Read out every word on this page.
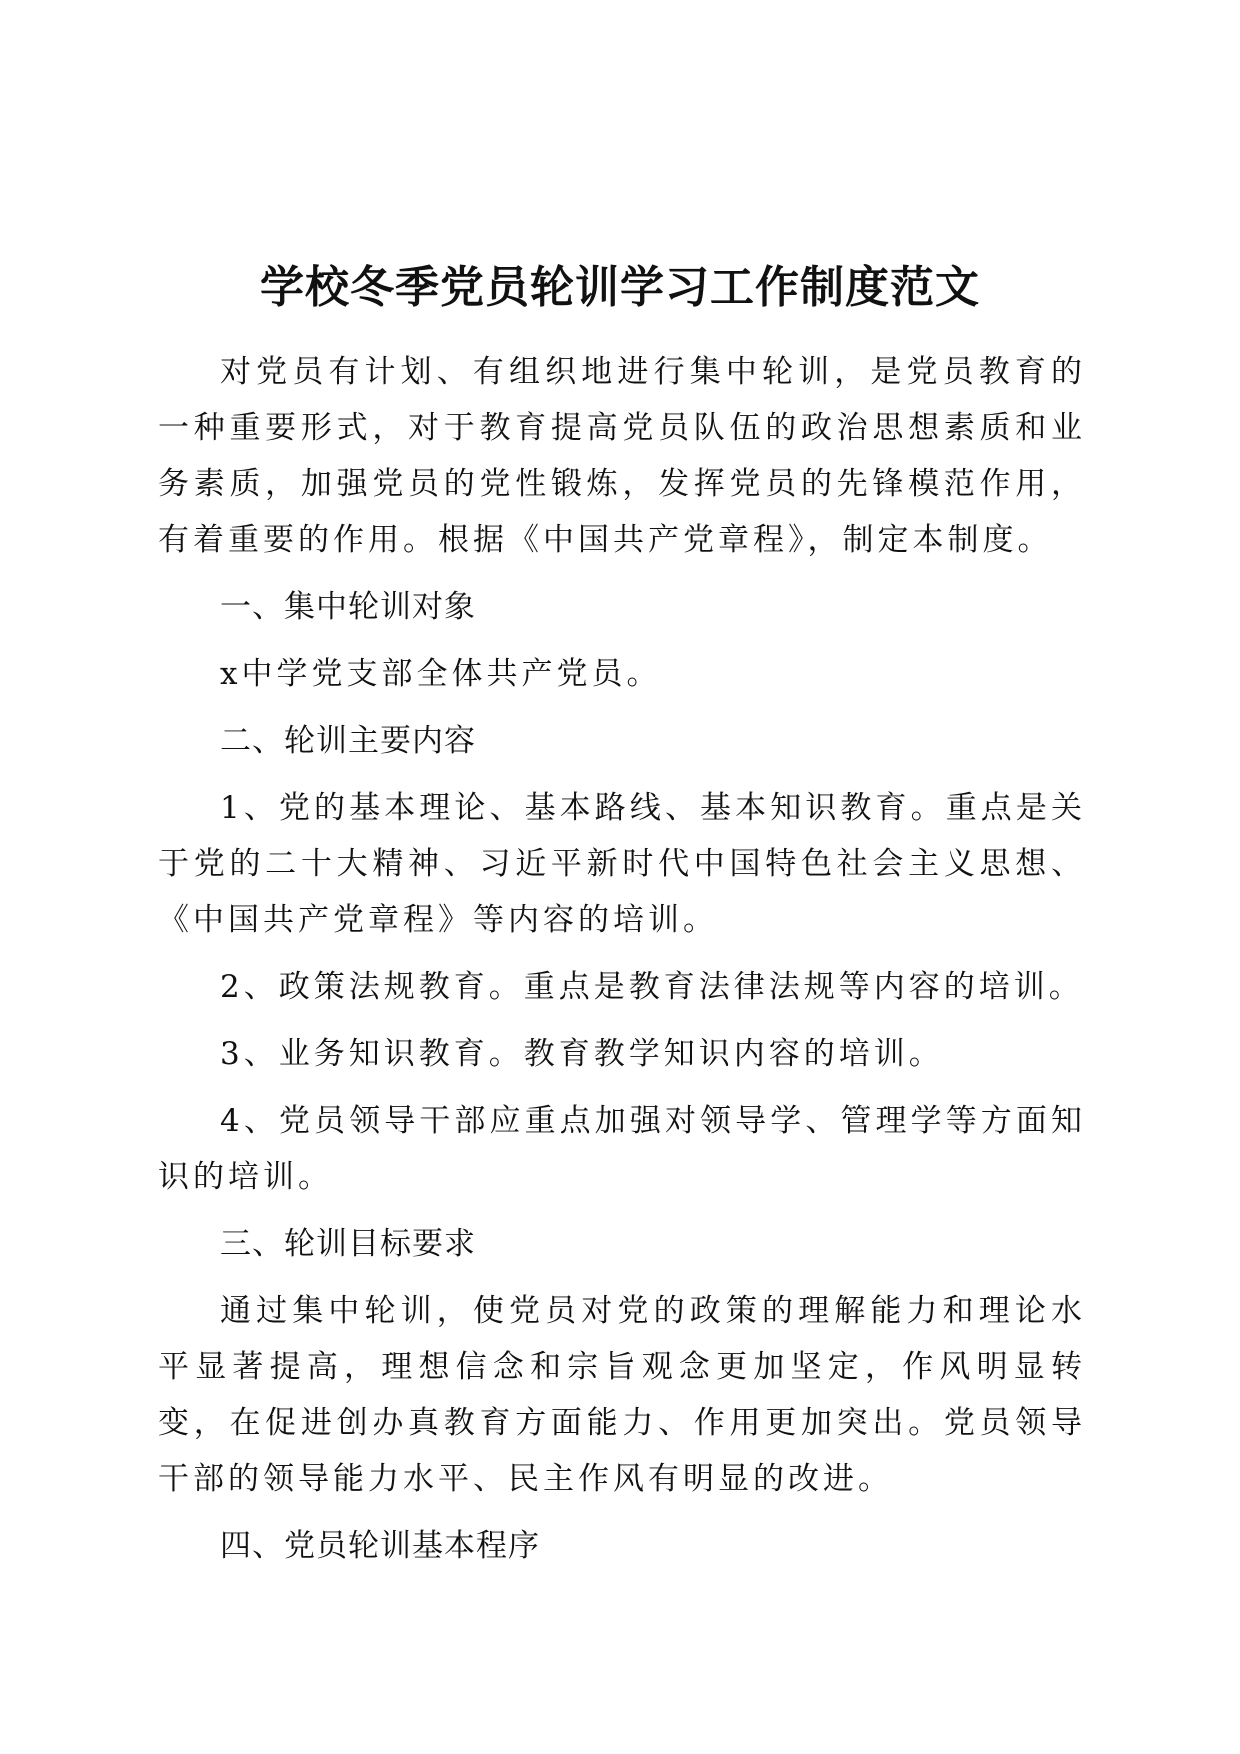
学校冬季党员轮训学习工作制度范文

对党员有计划、有组织地进行集中轮训，是党员教育的一种重要形式，对于教育提高党员队伍的政治思想素质和业务素质，加强党员的党性锻炼，发挥党员的先锋模范作用，有着重要的作用。根据《中国共产党章程》，制定本制度。

一、集中轮训对象

x中学党支部全体共产党员。

二、轮训主要内容

1、党的基本理论、基本路线、基本知识教育。重点是关于党的二十大精神、习近平新时代中国特色社会主义思想、《中国共产党章程》等内容的培训。

2、政策法规教育。重点是教育法律法规等内容的培训。

3、业务知识教育。教育教学知识内容的培训。

4、党员领导干部应重点加强对领导学、管理学等方面知识的培训。

三、轮训目标要求

通过集中轮训，使党员对党的政策的理解能力和理论水平显著提高，理想信念和宗旨观念更加坚定，作风明显转变，在促进创办真教育方面能力、作用更加突出。党员领导干部的领导能力水平、民主作风有明显的改进。

四、党员轮训基本程序
